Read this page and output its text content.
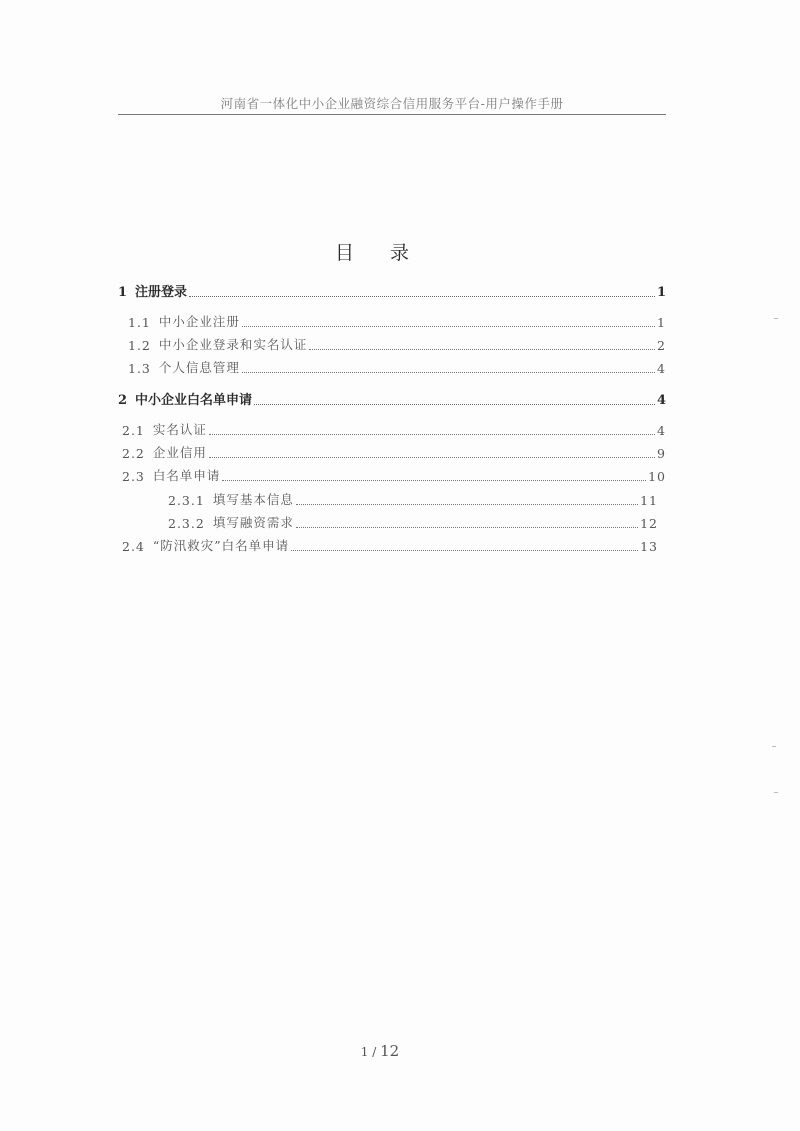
河南省一体化中小企业融资综合信用服务平台-用户操作手册
目录
1 注册登录	1
1.1 中小企业注册	1
1.2 中小企业登录和实名认证	2
1.3 个人信息管理	4
2 中小企业白名单申请	4
2.1 实名认证	4
2.2 企业信用	9
2.3 白名单申请	10
2.3.1 填写基本信息	11
2.3.2 填写融资需求	12
2.4 “防汛救灾”白名单申请	13
1 / 12
